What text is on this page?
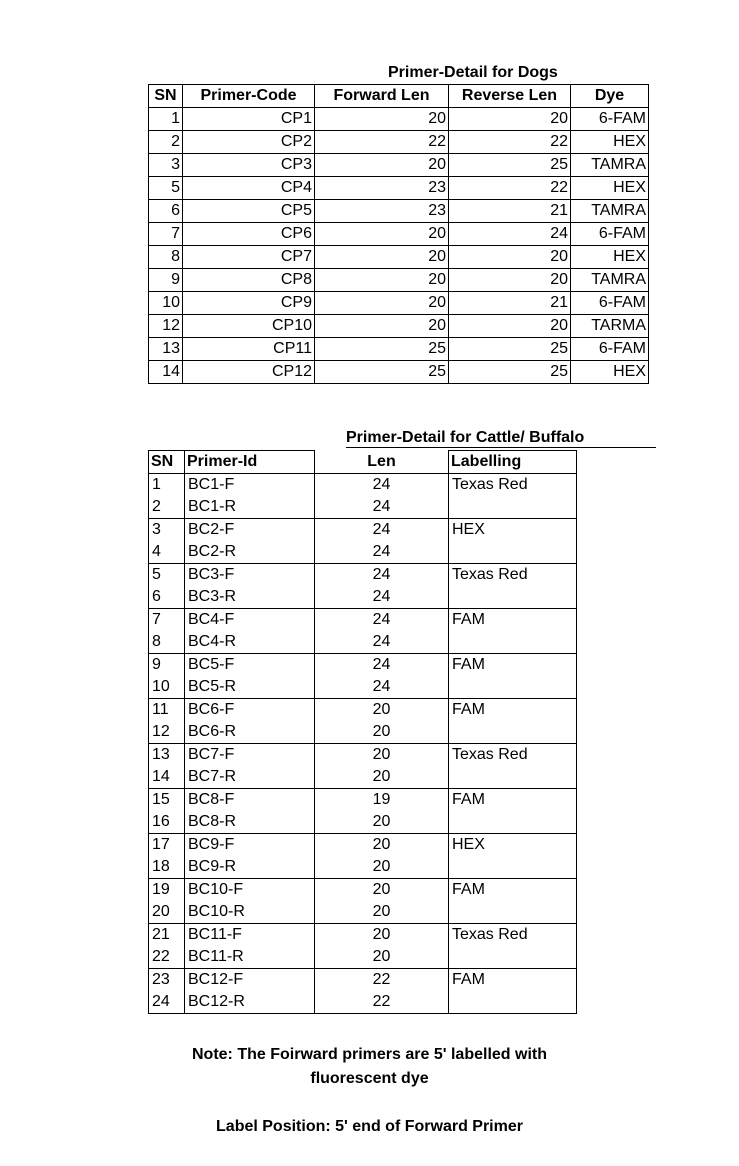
Primer-Detail for Dogs
SN	Primer-Code	Forward Len	Reverse Len	Dye
1	CP1	20	20	6-FAM
2	CP2	22	22	HEX
3	CP3	20	25	TAMRA
5	CP4	23	22	HEX
6	CP5	23	21	TAMRA
7	CP6	20	24	6-FAM
8	CP7	20	20	HEX
9	CP8	20	20	TAMRA
10	CP9	20	21	6-FAM
12	CP10	20	20	TARMA
13	CP11	25	25	6-FAM
14	CP12	25	25	HEX
Primer-Detail for Cattle/ Buffalo
SN	Primer-Id	Len	Labelling
1	BC1-F	24	Texas Red
2	BC1-R	24	
3	BC2-F	24	HEX
4	BC2-R	24	
5	BC3-F	24	Texas Red
6	BC3-R	24	
7	BC4-F	24	FAM
8	BC4-R	24	
9	BC5-F	24	FAM
10	BC5-R	24	
11	BC6-F	20	FAM
12	BC6-R	20	
13	BC7-F	20	Texas Red
14	BC7-R	20	
15	BC8-F	19	FAM
16	BC8-R	20	
17	BC9-F	20	HEX
18	BC9-R	20	
19	BC10-F	20	FAM
20	BC10-R	20	
21	BC11-F	20	Texas Red
22	BC11-R	20	
23	BC12-F	22	FAM
24	BC12-R	22	
Note: The Foirward primers are 5' labelled with
fluorescent dye
Label Position: 5' end of Forward Primer
